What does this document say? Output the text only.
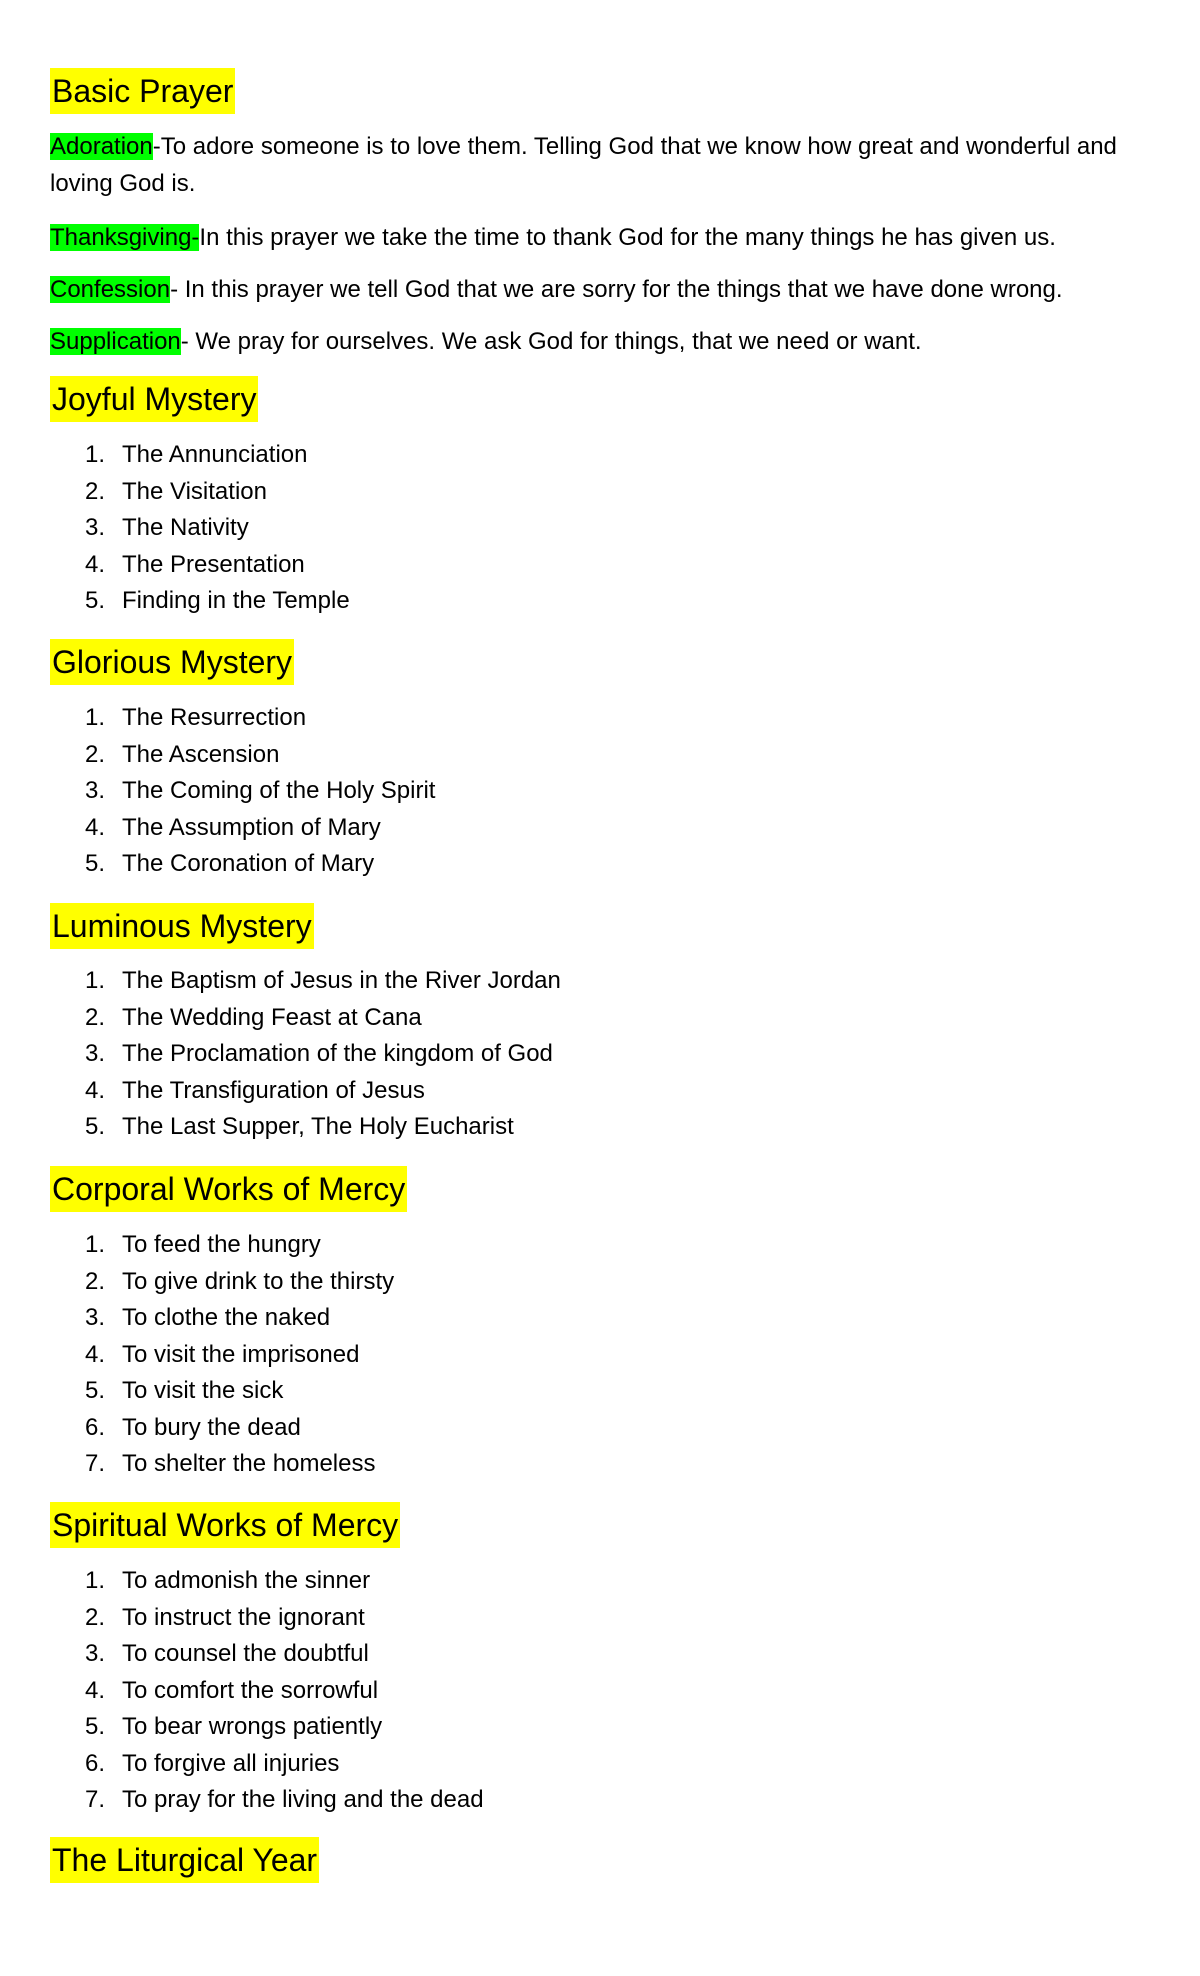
Basic Prayer

Adoration-To adore someone is to love them. Telling God that we know how great and wonderful and loving God is.

Thanksgiving-In this prayer we take the time to thank God for the many things he has given us.

Confession- In this prayer we tell God that we are sorry for the things that we have done wrong.

Supplication- We pray for ourselves. We ask God for things, that we need or want.

Joyful Mystery
1. The Annunciation
2. The Visitation
3. The Nativity
4. The Presentation
5. Finding in the Temple
Glorious Mystery
1. The Resurrection
2. The Ascension
3. The Coming of the Holy Spirit
4. The Assumption of Mary
5. The Coronation of Mary
Luminous Mystery
1. The Baptism of Jesus in the River Jordan
2. The Wedding Feast at Cana
3. The Proclamation of the kingdom of God
4. The Transfiguration of Jesus
5. The Last Supper, The Holy Eucharist
Corporal Works of Mercy
1. To feed the hungry
2. To give drink to the thirsty
3. To clothe the naked
4. To visit the imprisoned
5. To visit the sick
6. To bury the dead
7. To shelter the homeless
Spiritual Works of Mercy
1. To admonish the sinner
2. To instruct the ignorant
3. To counsel the doubtful
4. To comfort the sorrowful
5. To bear wrongs patiently
6. To forgive all injuries
7. To pray for the living and the dead
The Liturgical Year
